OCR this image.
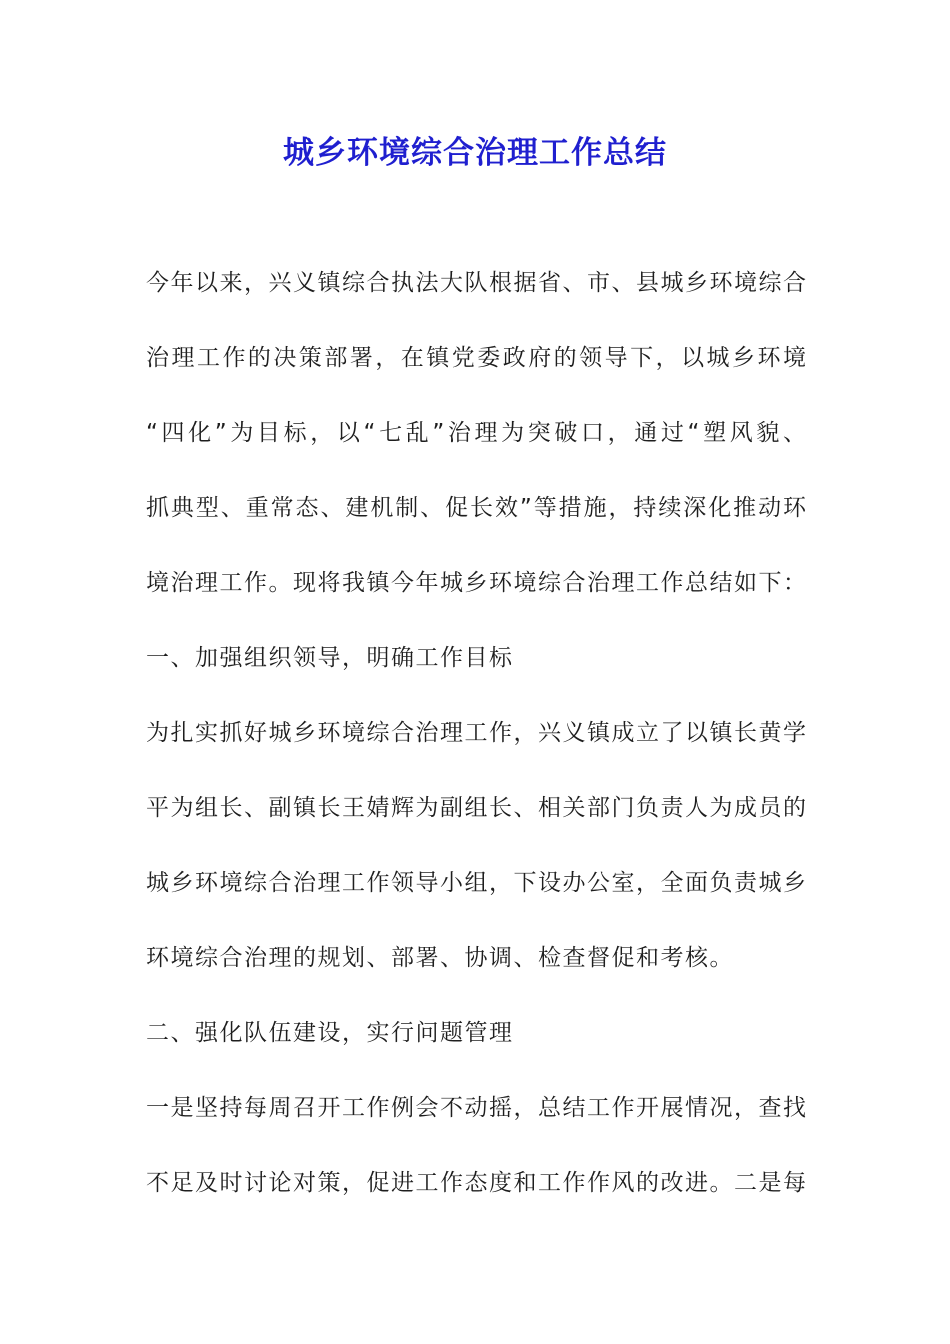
城乡环境综合治理工作总结

今年以来，兴义镇综合执法大队根据省、市、县城乡环境综合

治理工作的决策部署，在镇党委政府的领导下，以城乡环境

“四化”为目标，以“七乱”治理为突破口，通过“塑风貌、

抓典型、重常态、建机制、促长效”等措施，持续深化推动环

境治理工作。现将我镇今年城乡环境综合治理工作总结如下：

一、加强组织领导，明确工作目标

为扎实抓好城乡环境综合治理工作，兴义镇成立了以镇长黄学

平为组长、副镇长王婧辉为副组长、相关部门负责人为成员的

城乡环境综合治理工作领导小组，下设办公室，全面负责城乡

环境综合治理的规划、部署、协调、检查督促和考核。

二、强化队伍建设，实行问题管理

一是坚持每周召开工作例会不动摇，总结工作开展情况，查找

不足及时讨论对策，促进工作态度和工作作风的改进。二是每
